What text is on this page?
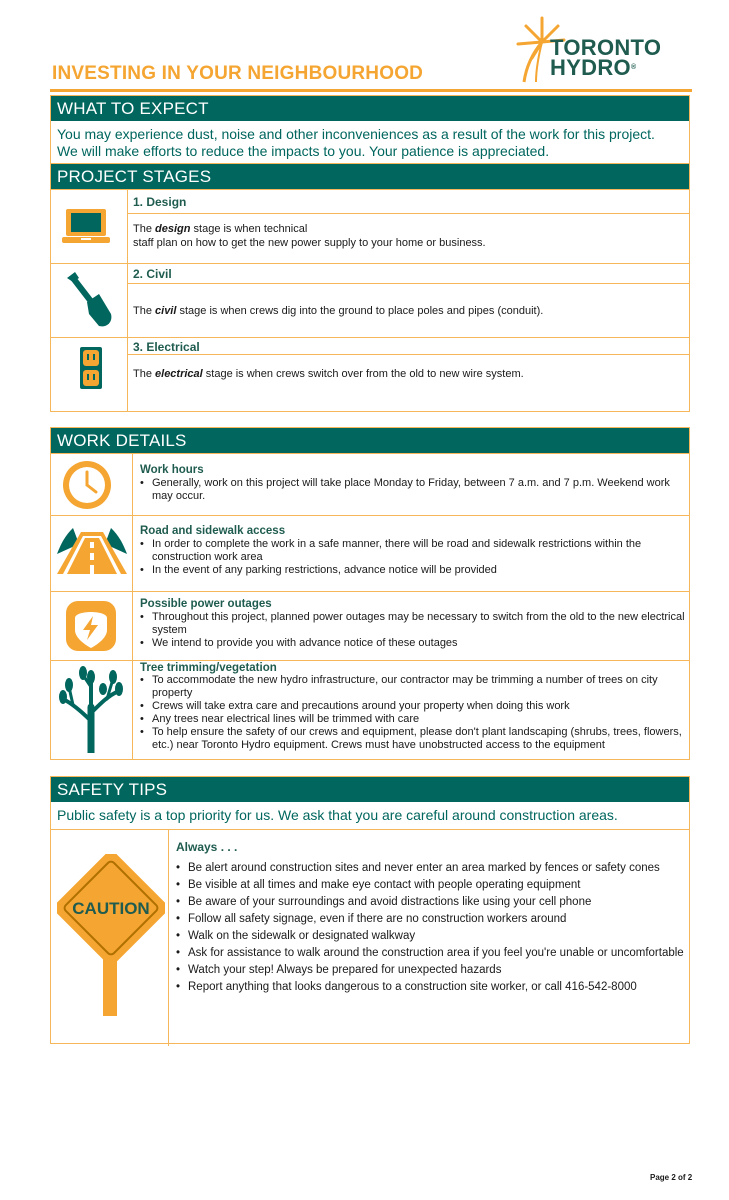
TORONTO
HYDRO®
INVESTING IN YOUR NEIGHBOURHOOD
WHAT TO EXPECT
You may experience dust, noise and other inconveniences as a result of the work for this project.
We will make efforts to reduce the impacts to you. Your patience is appreciated.
PROJECT STAGES
1. Design
The design stage is when technical
staff plan on how to get the new power supply to your home or business.
2. Civil
The civil stage is when crews dig into the ground to place poles and pipes (conduit).
3. Electrical
The electrical stage is when crews switch over from the old to new wire system.
WORK DETAILS
Work hours
• Generally, work on this project will take place Monday to Friday, between 7 a.m. and 7 p.m. Weekend work may occur.
Road and sidewalk access
• In order to complete the work in a safe manner, there will be road and sidewalk restrictions within the construction work area
• In the event of any parking restrictions, advance notice will be provided
Possible power outages
• Throughout this project, planned power outages may be necessary to switch from the old to the new electrical system
• We intend to provide you with advance notice of these outages
Tree trimming/vegetation
• To accommodate the new hydro infrastructure, our contractor may be trimming a number of trees on city property
• Crews will take extra care and precautions around your property when doing this work
• Any trees near electrical lines will be trimmed with care
• To help ensure the safety of our crews and equipment, please don't plant landscaping (shrubs, trees, flowers, etc.) near Toronto Hydro equipment. Crews must have unobstructed access to the equipment
SAFETY TIPS
Public safety is a top priority for us. We ask that you are careful around construction areas.
CAUTION
Always . . .
• Be alert around construction sites and never enter an area marked by fences or safety cones
• Be visible at all times and make eye contact with people operating equipment
• Be aware of your surroundings and avoid distractions like using your cell phone
• Follow all safety signage, even if there are no construction workers around
• Walk on the sidewalk or designated walkway
• Ask for assistance to walk around the construction area if you feel you're unable or uncomfortable
• Watch your step! Always be prepared for unexpected hazards
• Report anything that looks dangerous to a construction site worker, or call 416-542-8000
Page 2 of 2
